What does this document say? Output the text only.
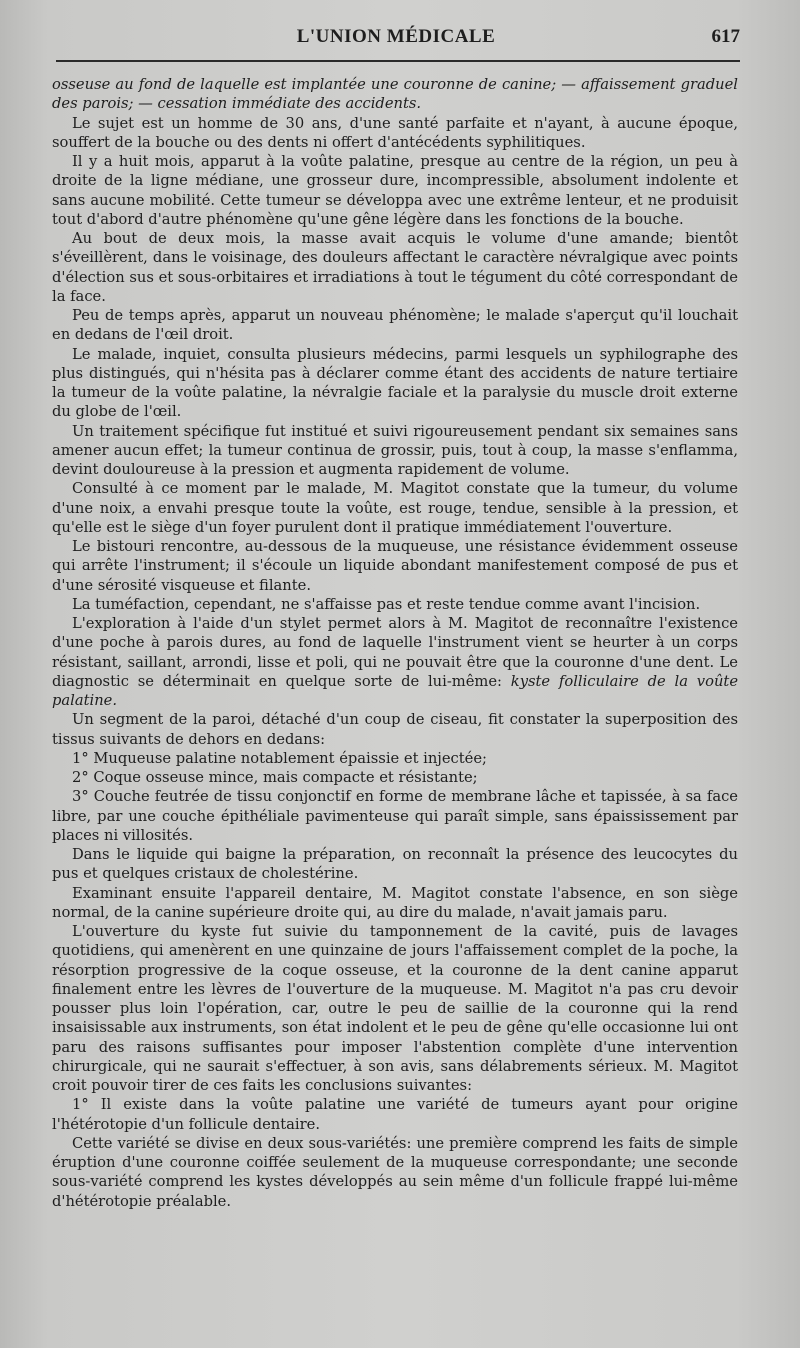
L'UNION MÉDICALE	617

osseuse au fond de laquelle est implantée une couronne de canine; — affaissement graduel des parois; — cessation immédiate des accidents.

Le sujet est un homme de 30 ans, d'une santé parfaite et n'ayant, à aucune époque, souffert de la bouche ou des dents ni offert d'antécédents syphilitiques.

Il y a huit mois, apparut à la voûte palatine, presque au centre de la région, un peu à droite de la ligne médiane, une grosseur dure, incompressible, absolument indolente et sans aucune mobilité. Cette tumeur se développa avec une extrême lenteur, et ne produisit tout d'abord d'autre phénomène qu'une gêne légère dans les fonctions de la bouche.

Au bout de deux mois, la masse avait acquis le volume d'une amande; bientôt s'éveillèrent, dans le voisinage, des douleurs affectant le caractère névralgique avec points d'élection sus et sous-orbitaires et irradiations à tout le tégument du côté correspondant de la face.

Peu de temps après, apparut un nouveau phénomène; le malade s'aperçut qu'il louchait en dedans de l'œil droit.

Le malade, inquiet, consulta plusieurs médecins, parmi lesquels un syphilographe des plus distingués, qui n'hésita pas à déclarer comme étant des accidents de nature tertiaire la tumeur de la voûte palatine, la névralgie faciale et la paralysie du muscle droit externe du globe de l'œil.

Un traitement spécifique fut institué et suivi rigoureusement pendant six semaines sans amener aucun effet; la tumeur continua de grossir, puis, tout à coup, la masse s'enflamma, devint douloureuse à la pression et augmenta rapidement de volume.

Consulté à ce moment par le malade, M. Magitot constate que la tumeur, du volume d'une noix, a envahi presque toute la voûte, est rouge, tendue, sensible à la pression, et qu'elle est le siège d'un foyer purulent dont il pratique immédiatement l'ouverture.

Le bistouri rencontre, au-dessous de la muqueuse, une résistance évidemment osseuse qui arrête l'instrument; il s'écoule un liquide abondant manifestement composé de pus et d'une sérosité visqueuse et filante.

La tuméfaction, cependant, ne s'affaisse pas et reste tendue comme avant l'incision.

L'exploration à l'aide d'un stylet permet alors à M. Magitot de reconnaître l'existence d'une poche à parois dures, au fond de laquelle l'instrument vient se heurter à un corps résistant, saillant, arrondi, lisse et poli, qui ne pouvait être que la couronne d'une dent. Le diagnostic se déterminait en quelque sorte de lui-même: kyste folliculaire de la voûte palatine.

Un segment de la paroi, détaché d'un coup de ciseau, fit constater la superposition des tissus suivants de dehors en dedans:

1° Muqueuse palatine notablement épaissie et injectée;

2° Coque osseuse mince, mais compacte et résistante;

3° Couche feutrée de tissu conjonctif en forme de membrane lâche et tapissée, à sa face libre, par une couche épithéliale pavimenteuse qui paraît simple, sans épaississement par places ni villosités.

Dans le liquide qui baigne la préparation, on reconnaît la présence des leucocytes du pus et quelques cristaux de cholestérine.

Examinant ensuite l'appareil dentaire, M. Magitot constate l'absence, en son siège normal, de la canine supérieure droite qui, au dire du malade, n'avait jamais paru.

L'ouverture du kyste fut suivie du tamponnement de la cavité, puis de lavages quotidiens, qui amenèrent en une quinzaine de jours l'affaissement complet de la poche, la résorption progressive de la coque osseuse, et la couronne de la dent canine apparut finalement entre les lèvres de l'ouverture de la muqueuse. M. Magitot n'a pas cru devoir pousser plus loin l'opération, car, outre le peu de saillie de la couronne qui la rend insaisissable aux instruments, son état indolent et le peu de gêne qu'elle occasionne lui ont paru des raisons suffisantes pour imposer l'abstention complète d'une intervention chirurgicale, qui ne saurait s'effectuer, à son avis, sans délabrements sérieux. M. Magitot croit pouvoir tirer de ces faits les conclusions suivantes:

1° Il existe dans la voûte palatine une variété de tumeurs ayant pour origine l'hétérotopie d'un follicule dentaire.

Cette variété se divise en deux sous-variétés: une première comprend les faits de simple éruption d'une couronne coiffée seulement de la muqueuse correspondante; une seconde sous-variété comprend les kystes développés au sein même d'un follicule frappé lui-même d'hétérotopie préalable.
